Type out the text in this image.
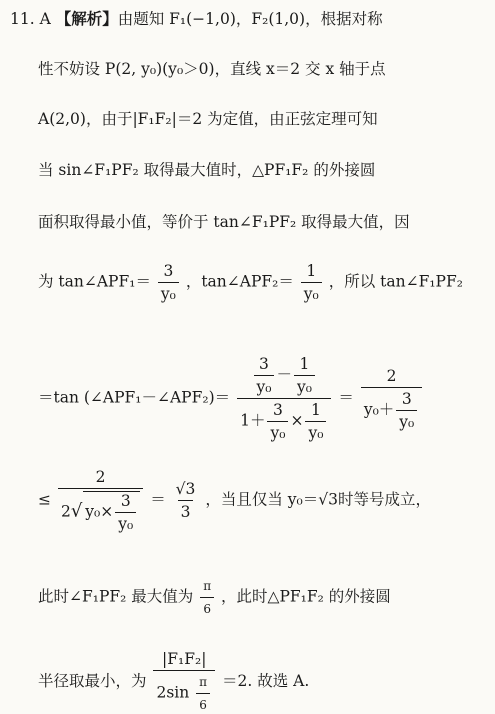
11. A 【解析】由题知 F₁(−1,0)，F₂(1,0)，根据对称
性不妨设 P(2, y₀)(y₀＞0)，直线 x＝2 交 x 轴于点
A(2,0)，由于|F₁F₂|＝2 为定值，由正弦定理可知
当 sin∠F₁PF₂ 取得最大值时，△PF₁F₂ 的外接圆
面积取得最小值，等价于 tan∠F₁PF₂ 取得最大值，因
为 tan∠APF₁＝ $\frac{3}{\text{y₀}}$ ，tan∠APF₂＝ $\frac{1}{\text{y₀}}$ ，所以 tan∠F₁PF₂
＝tan (∠APF₁－∠APF₂)＝
$\frac{3}{\text{y₀}} - \frac{1}{\text{y₀}}$
$1+ \frac{3}{\text{y₀}} \times \frac{1}{\text{y₀}}$
＝ $\frac{2}{y_0+ \frac{3}{\text{y₀}}}$
≤ $\frac{2}{2√ y_0\times \frac{3}{\text{y₀}}} = \frac{√3}{3}$ ，当且仅当 y₀＝√3时等号成立，
此时∠F₁PF₂ 最大值为 $\frac{\pi}{6}$ ，此时△PF₁F₂ 的外接圆
半径取最小，为 $\frac{\text{|F₁F₂|}}{2\sin \frac{\pi}{6}} =2$. 故选 A.
